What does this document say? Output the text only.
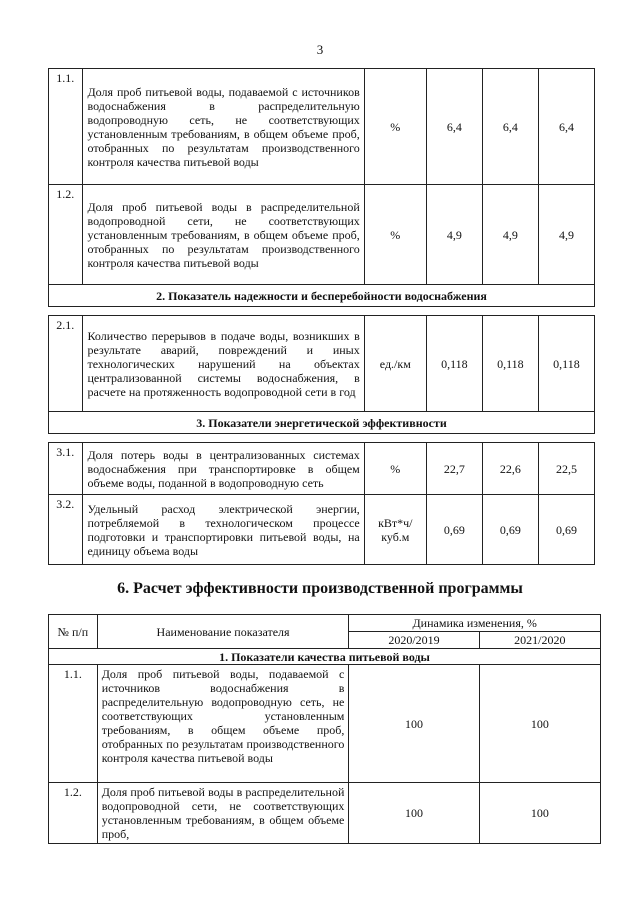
3
1.1.	Доля проб питьевой воды, подаваемой с источников водоснабжения в распределительную водопроводную сеть, не соответствующих установленным требованиям, в общем объеме проб, отобранных по результатам производственного контроля качества питьевой воды	%	6,4	6,4	6,4
1.2.	Доля проб питьевой воды в распределительной водопроводной сети, не соответствующих установленным требованиям, в общем объеме проб, отобранных по результатам производственного контроля качества питьевой воды	%	4,9	4,9	4,9
2. Показатель надежности и бесперебойности водоснабжения					

2.1.	Количество перерывов в подаче воды, возникших в результате аварий, повреждений и иных технологических нарушений на объектах централизованной системы водоснабжения, в расчете на протяженность водопроводной сети в год	ед./км	0,118	0,118	0,118
3. Показатели энергетической эффективности					

3.1.	Доля потерь воды в централизованных системах водоснабжения при транспортировке в общем объеме воды, поданной в водопроводную сеть	%	22,7	22,6	22,5
3.2.	Удельный расход электрической энергии, потребляемой в технологическом процессе подготовки и транспортировки питьевой воды, на единицу объема воды	кВт*ч/ куб.м	0,69	0,69	0,69
6. Расчет эффективности производственной программы
№ п/п	Наименование показателя	Динамика изменения, %	
		2020/2019	2021/2020
1. Показатели качества питьевой воды			
1.1.	Доля проб питьевой воды, подаваемой с источников водоснабжения в распределительную водопроводную сеть, не соответствующих установленным требованиям, в общем объеме проб, отобранных по результатам производственного контроля качества питьевой воды	100	100
1.2.	Доля проб питьевой воды в распределительной водопроводной сети, не соответствующих установленным требованиям, в общем объеме проб,	100	100
